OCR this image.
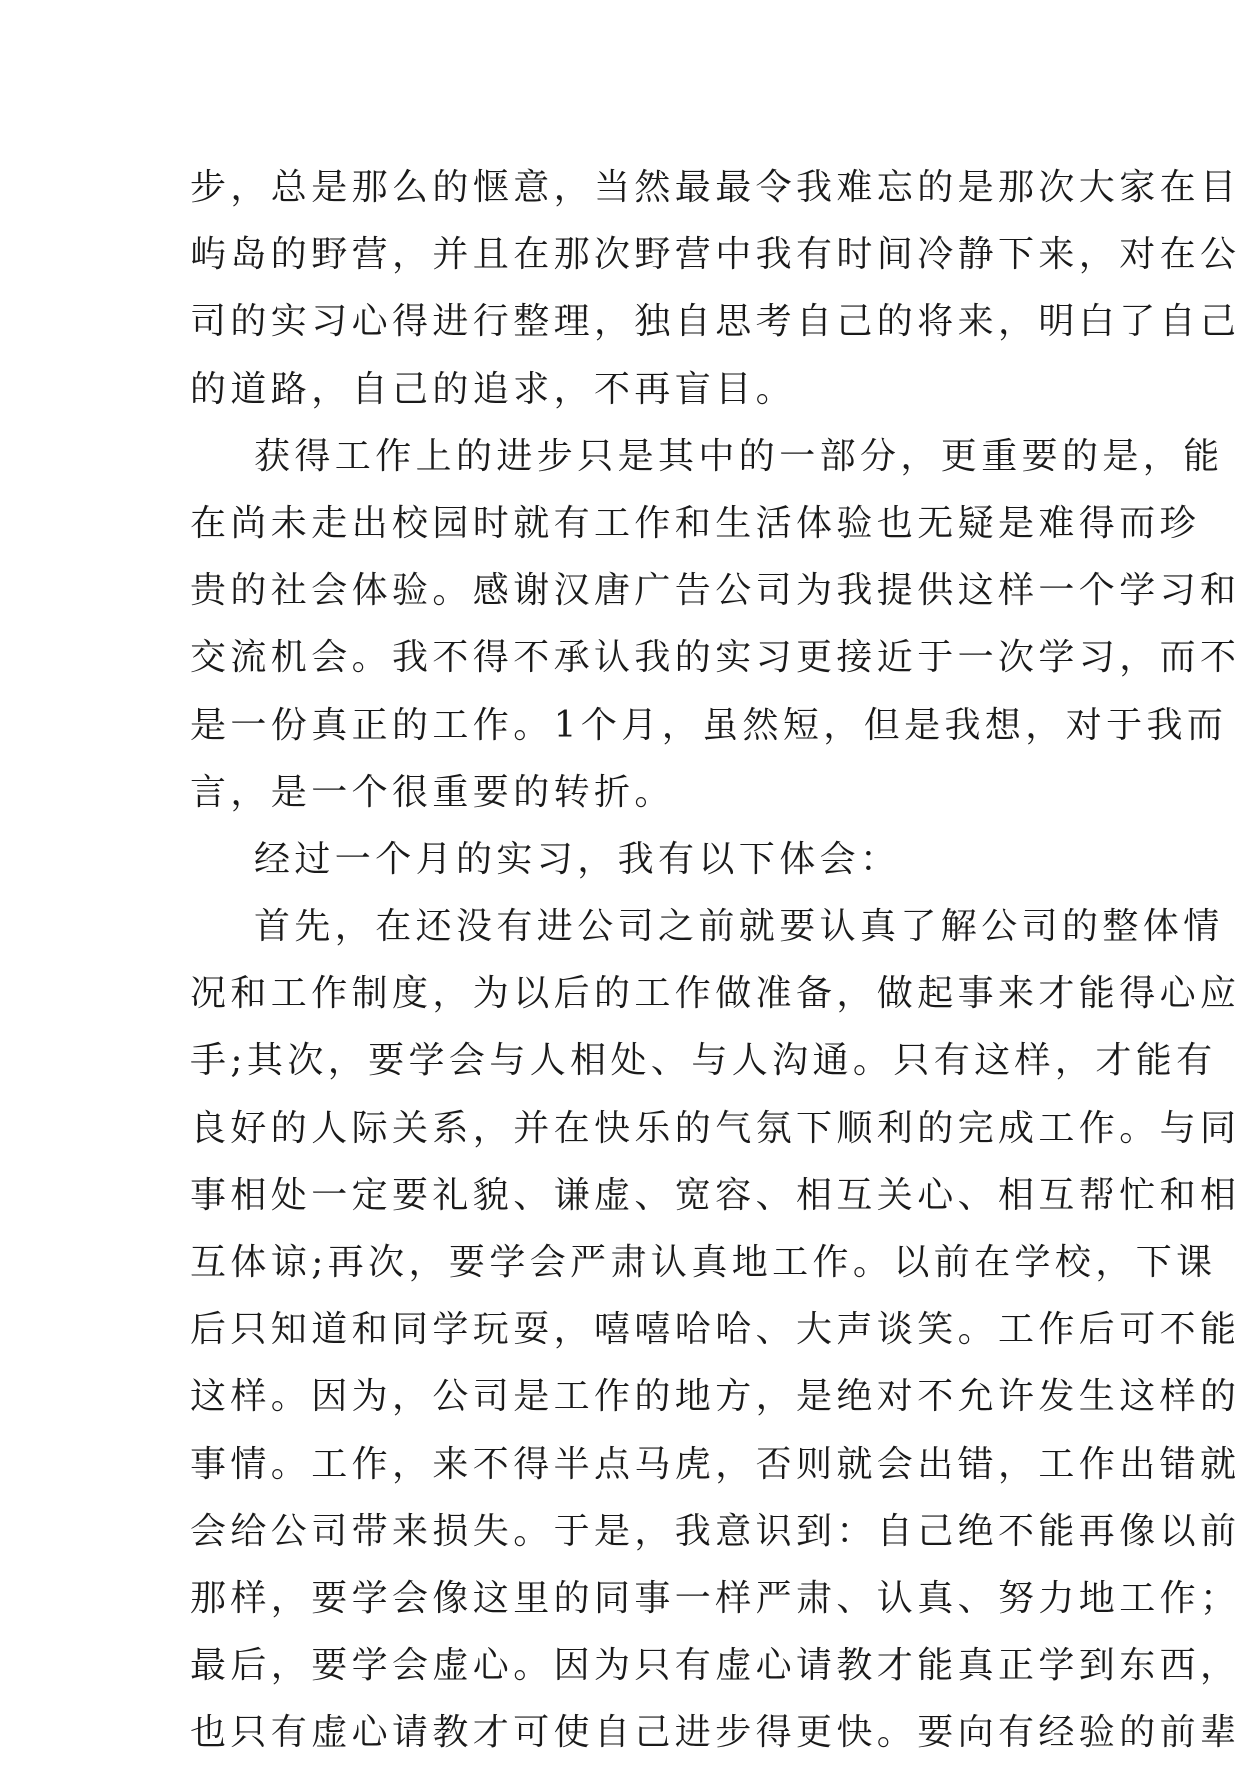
步，总是那么的惬意，当然最最令我难忘的是那次大家在目
屿岛的野营，并且在那次野营中我有时间冷静下来，对在公
司的实习心得进行整理，独自思考自己的将来，明白了自己
的道路，自己的追求，不再盲目。
获得工作上的进步只是其中的一部分，更重要的是，能
在尚未走出校园时就有工作和生活体验也无疑是难得而珍
贵的社会体验。感谢汉唐广告公司为我提供这样一个学习和
交流机会。我不得不承认我的实习更接近于一次学习，而不
是一份真正的工作。1个月，虽然短，但是我想，对于我而
言，是一个很重要的转折。
经过一个月的实习，我有以下体会：
首先，在还没有进公司之前就要认真了解公司的整体情
况和工作制度，为以后的工作做准备，做起事来才能得心应
手;其次，要学会与人相处、与人沟通。只有这样，才能有
良好的人际关系，并在快乐的气氛下顺利的完成工作。与同
事相处一定要礼貌、谦虚、宽容、相互关心、相互帮忙和相
互体谅;再次，要学会严肃认真地工作。以前在学校，下课
后只知道和同学玩耍，嘻嘻哈哈、大声谈笑。工作后可不能
这样。因为，公司是工作的地方，是绝对不允许发生这样的
事情。工作，来不得半点马虎，否则就会出错，工作出错就
会给公司带来损失。于是，我意识到：自己绝不能再像以前
那样，要学会像这里的同事一样严肃、认真、努力地工作；
最后，要学会虚心。因为只有虚心请教才能真正学到东西，
也只有虚心请教才可使自己进步得更快。要向有经验的前辈
